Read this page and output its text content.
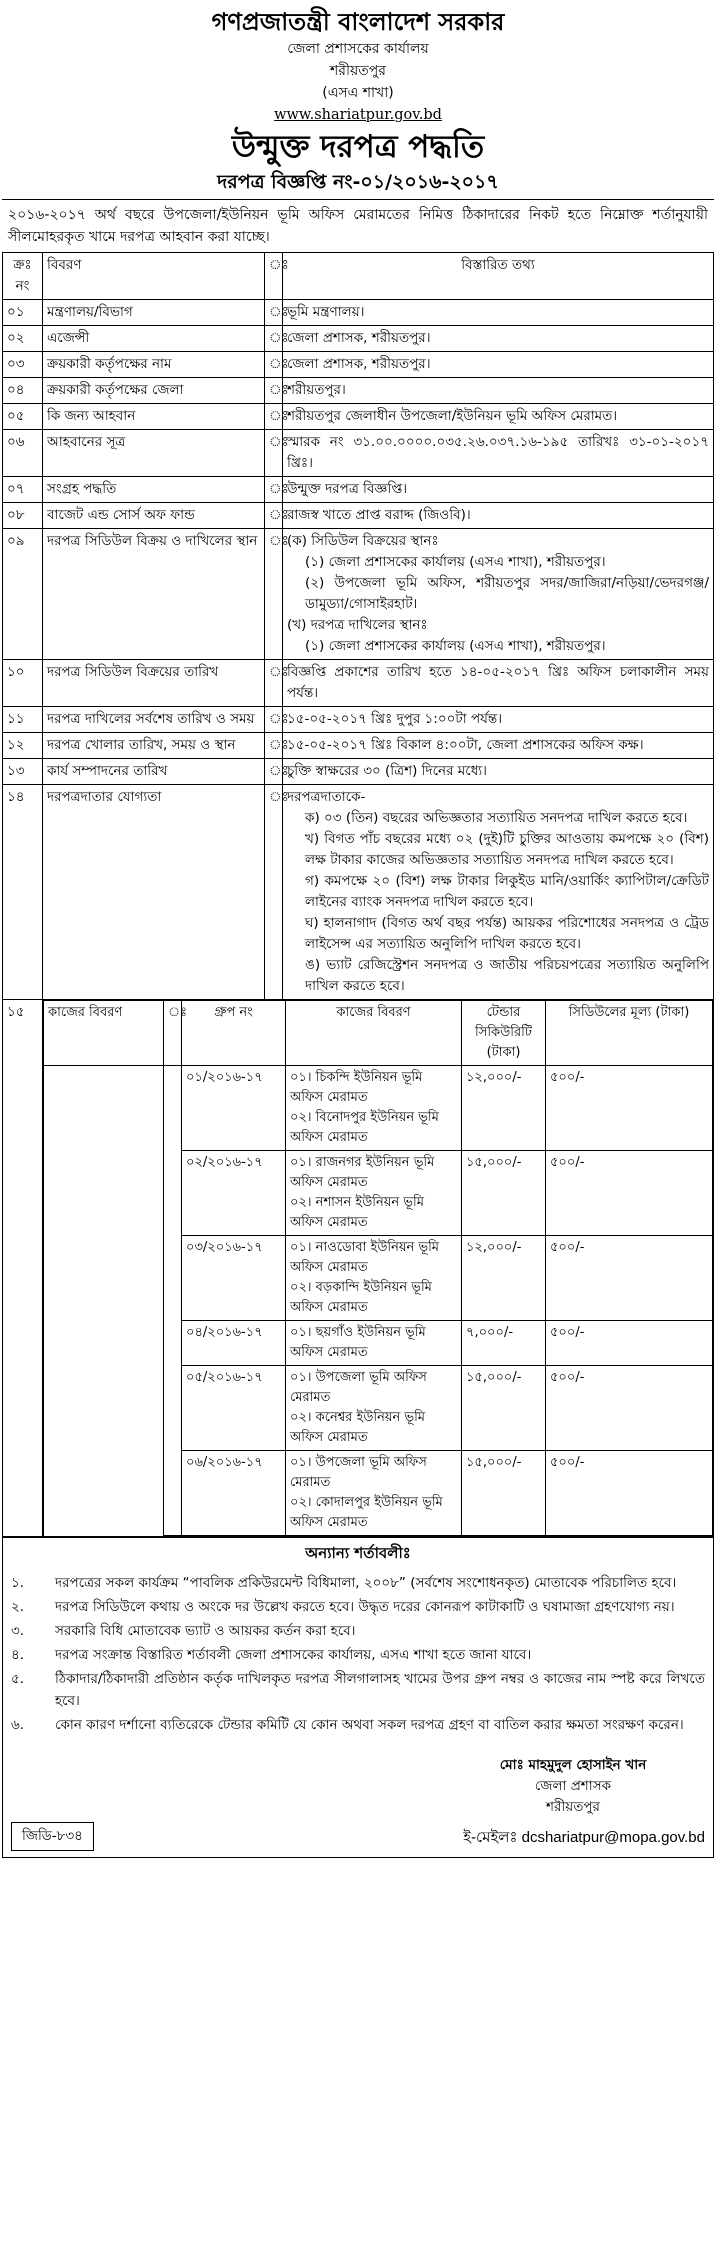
গণপ্রজাতন্ত্রী বাংলাদেশ সরকার
জেলা প্রশাসকের কার্যালয়
শরীয়তপুর
(এসএ শাখা)
www.shariatpur.gov.bd
উন্মুক্ত দরপত্র পদ্ধতি
দরপত্র বিজ্ঞপ্তি নং-০১/২০১৬-২০১৭
২০১৬-২০১৭ অর্থ বছরে উপজেলা/ইউনিয়ন ভূমি অফিস মেরামতের নিমিত্ত ঠিকাদারের নিকট হতে নিম্নোক্ত শর্তানুযায়ী সীলমোহরকৃত খামে দরপত্র আহবান করা যাচ্ছে।
ক্রঃ নং	বিবরণ	ঃ	বিস্তারিত তথ্য
০১	মন্ত্রণালয়/বিভাগ	ঃ	ভূমি মন্ত্রণালয়।
০২	এজেন্সী	ঃ	জেলা প্রশাসক, শরীয়তপুর।
০৩	ক্রয়কারী কর্তৃপক্ষের নাম	ঃ	জেলা প্রশাসক, শরীয়তপুর।
০৪	ক্রয়কারী কর্তৃপক্ষের জেলা	ঃ	শরীয়তপুর।
০৫	কি জন্য আহবান	ঃ	শরীয়তপুর জেলাধীন উপজেলা/ইউনিয়ন ভূমি অফিস মেরামত।
০৬	আহবানের সূত্র	ঃ	স্মারক নং ৩১.০০.০০০০.০৩৫.২৬.০৩৭.১৬-১৯৫ তারিখঃ ৩১-০১-২০১৭ খ্রিঃ।
০৭	সংগ্রহ পদ্ধতি	ঃ	উন্মুক্ত দরপত্র বিজ্ঞপ্তি।
০৮	বাজেট এন্ড সোর্স অফ ফান্ড	ঃ	রাজস্ব খাতে প্রাপ্ত বরাদ্দ (জিওবি)।
০৯	দরপত্র সিডিউল বিক্রয় ও দাখিলের স্থান	ঃ	
(ক) সিডিউল বিক্রয়ের স্থানঃ
(১) জেলা প্রশাসকের কার্যালয় (এসএ শাখা), শরীয়তপুর।
(২) উপজেলা ভূমি অফিস, শরীয়তপুর সদর/জাজিরা/নড়িয়া/ভেদরগঞ্জ/ডামুড্যা/গোসাইরহাট।
(খ) দরপত্র দাখিলের স্থানঃ
(১) জেলা প্রশাসকের কার্যালয় (এসএ শাখা), শরীয়তপুর।

১০	দরপত্র সিডিউল বিক্রয়ের তারিখ	ঃ	বিজ্ঞপ্তি প্রকাশের তারিখ হতে ১৪-০৫-২০১৭ খ্রিঃ অফিস চলাকালীন সময় পর্যন্ত।
১১	দরপত্র দাখিলের সর্বশেষ তারিখ ও সময়	ঃ	১৫-০৫-২০১৭ খ্রিঃ দুপুর ১:০০টা পর্যন্ত।
১২	দরপত্র খোলার তারিখ, সময় ও স্থান	ঃ	১৫-০৫-২০১৭ খ্রিঃ বিকাল ৪:০০টা, জেলা প্রশাসকের অফিস কক্ষ।
১৩	কার্য সম্পাদনের তারিখ	ঃ	চুক্তি স্বাক্ষরের ৩০ (ত্রিশ) দিনের মধ্যে।
১৪	দরপত্রদাতার যোগ্যতা	ঃ	
দরপত্রদাতাকে-
ক) ০৩ (তিন) বছরের অভিজ্ঞতার সত্যায়িত সনদপত্র দাখিল করতে হবে।
খ) বিগত পাঁচ বছরের মধ্যে ০২ (দুই)টি চুক্তির আওতায় কমপক্ষে ২০ (বিশ) লক্ষ টাকার কাজের অভিজ্ঞতার সত্যায়িত সনদপত্র দাখিল করতে হবে।
গ) কমপক্ষে ২০ (বিশ) লক্ষ টাকার লিকুইড মানি/ওয়ার্কিং ক্যাপিটাল/ক্রেডিট লাইনের ব্যাংক সনদপত্র দাখিল করতে হবে।
ঘ) হালনাগাদ (বিগত অর্থ বছর পর্যন্ত) আয়কর পরিশোধের সনদপত্র ও ট্রেড লাইসেন্স এর সত্যায়িত অনুলিপি দাখিল করতে হবে।
ঙ) ভ্যাট রেজিস্ট্রেশন সনদপত্র ও জাতীয় পরিচয়পত্রের সত্যায়িত অনুলিপি দাখিল করতে হবে।

১৫	কাজের বিবরণ	ঃ	গ্রুপ নং	কাজের বিবরণ	টেন্ডার সিকিউরিটি (টাকা)	সিডিউলের মূল্য (টাকা)
		০১/২০১৬-১৭	০১। চিকন্দি ইউনিয়ন ভূমি অফিস মেরামত
০২। বিনোদপুর ইউনিয়ন ভূমি অফিস মেরামত
	১২,০০০/-	৫০০/-
০২/২০১৬-১৭	০১। রাজনগর ইউনিয়ন ভূমি অফিস মেরামত
০২। নশাসন ইউনিয়ন ভূমি অফিস মেরামত
	১৫,০০০/-	৫০০/-
০৩/২০১৬-১৭	০১। নাওডোবা ইউনিয়ন ভূমি অফিস মেরামত
০২। বড়কান্দি ইউনিয়ন ভূমি অফিস মেরামত
	১২,০০০/-	৫০০/-
০৪/২০১৬-১৭	০১। ছয়গাঁও ইউনিয়ন ভূমি অফিস মেরামত
	৭,০০০/-	৫০০/-
০৫/২০১৬-১৭	০১। উপজেলা ভূমি অফিস মেরামত
০২। কনেশ্বর ইউনিয়ন ভূমি অফিস মেরামত
	১৫,০০০/-	৫০০/-
০৬/২০১৬-১৭	০১। উপজেলা ভূমি অফিস মেরামত
০২। কোদালপুর ইউনিয়ন ভূমি অফিস মেরামত
	১৫,০০০/-	৫০০/-
অন্যান্য শর্তাবলীঃ
১.	দরপত্রের সকল কার্যক্রম “পাবলিক প্রকিউরমেন্ট বিধিমালা, ২০০৮” (সর্বশেষ সংশোধনকৃত) মোতাবেক পরিচালিত হবে।
২.	দরপত্র সিডিউলে কথায় ও অংকে দর উল্লেখ করতে হবে। উদ্ধৃত দরের কোনরূপ কাটাকাটি ও ঘষামাজা গ্রহণযোগ্য নয়।
৩.	সরকারি বিধি মোতাবেক ভ্যাট ও আয়কর কর্তন করা হবে।
৪.	দরপত্র সংক্রান্ত বিস্তারিত শর্তাবলী জেলা প্রশাসকের কার্যালয়, এসএ শাখা হতে জানা যাবে।
৫.	ঠিকাদার/ঠিকাদারী প্রতিষ্ঠান কর্তৃক দাখিলকৃত দরপত্র সীলগালাসহ খামের উপর গ্রুপ নম্বর ও কাজের নাম স্পষ্ট করে লিখতে হবে।
৬.	কোন কারণ দর্শানো ব্যতিরেকে টেন্ডার কমিটি যে কোন অথবা সকল দরপত্র গ্রহণ বা বাতিল করার ক্ষমতা সংরক্ষণ করেন।
মোঃ মাহমুদুল হোসাইন খান
জেলা প্রশাসক
শরীয়তপুর
জিডি-৮৩৪	ই-মেইলঃ dcshariatpur@mopa.gov.bd
